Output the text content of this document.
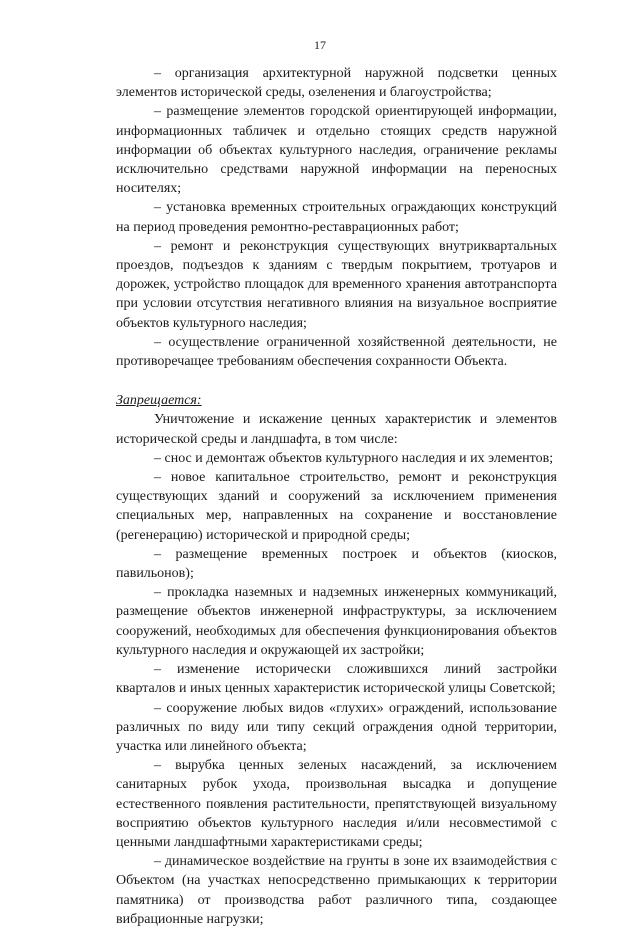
17

– организация архитектурной наружной подсветки ценных элементов исторической среды, озеленения и благоустройства;

– размещение элементов городской ориентирующей информации, информационных табличек и отдельно стоящих средств наружной информации об объектах культурного наследия, ограничение рекламы исключительно средствами наружной информации на переносных носителях;

– установка временных строительных ограждающих конструкций на период проведения ремонтно-реставрационных работ;

– ремонт и реконструкция существующих внутриквартальных проездов, подъездов к зданиям с твердым покрытием, тротуаров и дорожек, устройство площадок для временного хранения автотранспорта при условии отсутствия негативного влияния на визуальное восприятие объектов культурного наследия;

– осуществление ограниченной хозяйственной деятельности, не противоречащее требованиям обеспечения сохранности Объекта.

Запрещается:

Уничтожение и искажение ценных характеристик и элементов исторической среды и ландшафта, в том числе:

– снос и демонтаж объектов культурного наследия и их элементов;

– новое капитальное строительство, ремонт и реконструкция существующих зданий и сооружений за исключением применения специальных мер, направленных на сохранение и восстановление (регенерацию) исторической и природной среды;

– размещение временных построек и объектов (киосков, павильонов);

– прокладка наземных и надземных инженерных коммуникаций, размещение объектов инженерной инфраструктуры, за исключением сооружений, необходимых для обеспечения функционирования объектов культурного наследия и окружающей их застройки;

– изменение исторически сложившихся линий застройки кварталов и иных ценных характеристик исторической улицы Советской;

– сооружение любых видов «глухих» ограждений, использование различных по виду или типу секций ограждения одной территории, участка или линейного объекта;

– вырубка ценных зеленых насаждений, за исключением санитарных рубок ухода, произвольная высадка и допущение естественного появления растительности, препятствующей визуальному восприятию объектов культурного наследия и/или несовместимой с ценными ландшафтными характеристиками среды;

– динамическое воздействие на грунты в зоне их взаимодействия с Объектом (на участках непосредственно примыкающих к территории памятника) от производства работ различного типа, создающее вибрационные нагрузки;
